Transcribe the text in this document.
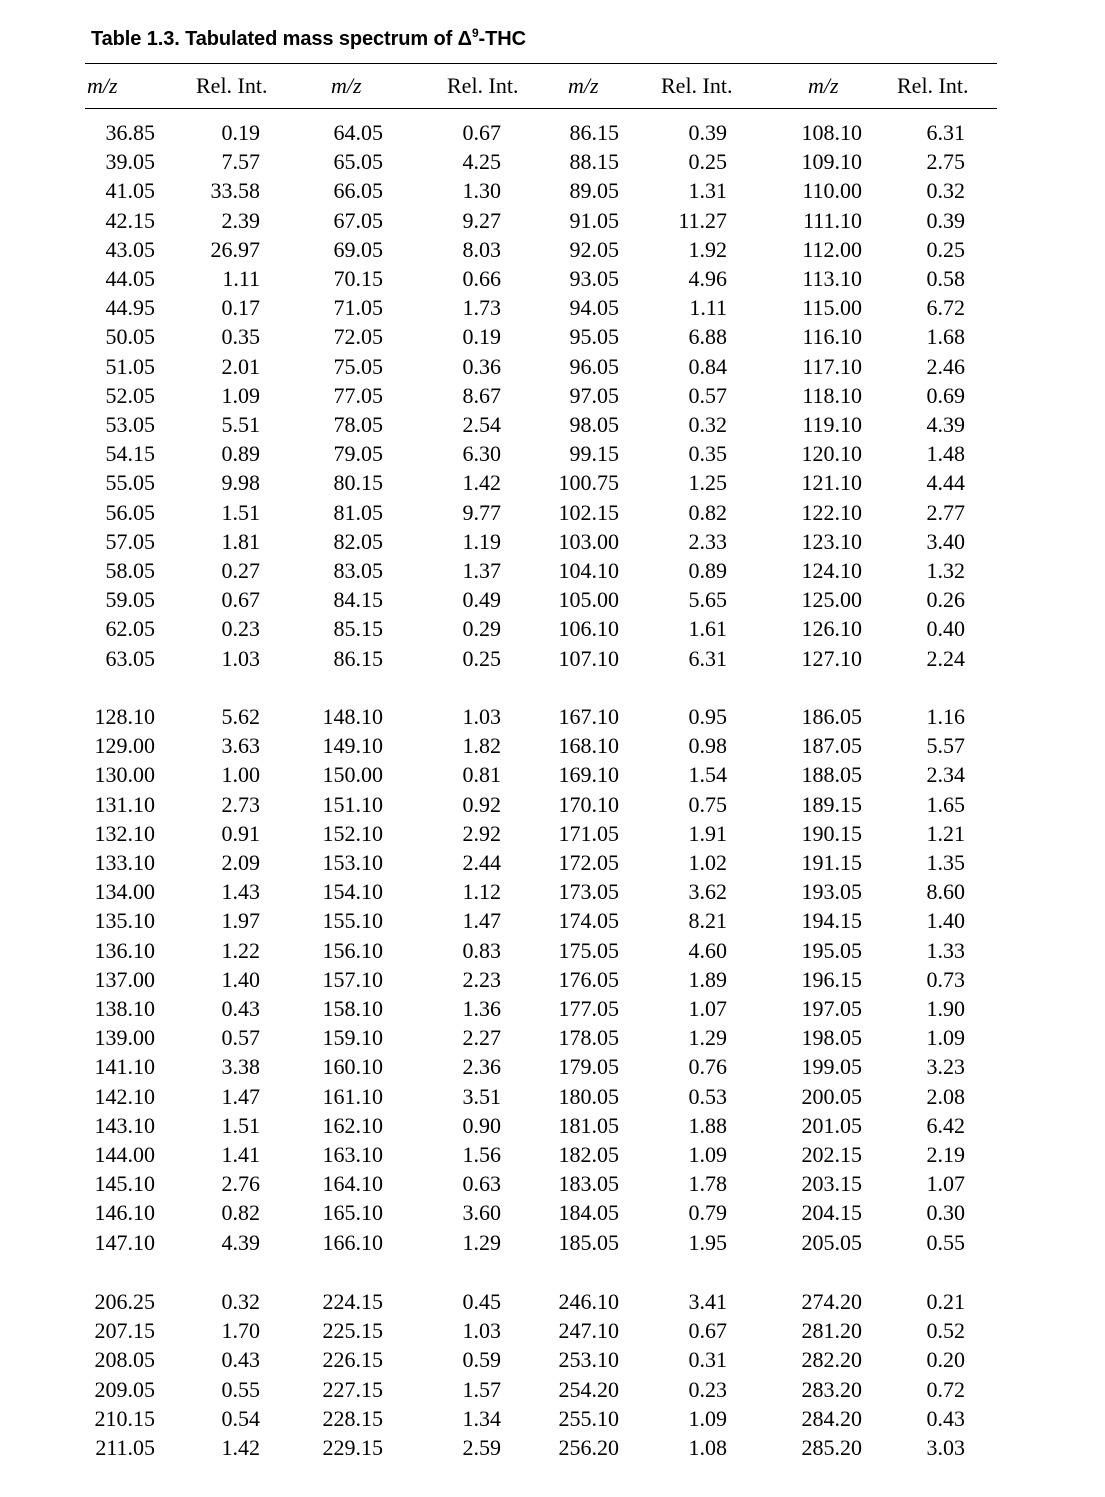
Table 1.3. Tabulated mass spectrum of $\Delta^9$-THC
m/z	Rel. Int.	m/z	Rel. Int. m/z	Rel. Int.	m/z	Rel. Int.
36.85	0.19	64.05	0.67	86.15	0.39	108.10	6.31
39.05	7.57	65.05	4.25	88.15	0.25	109.10	2.75
41.05	33.58	66.05	1.30	89.05	1.31	110.00	0.32
42.15	2.39	67.05	9.27	91.05	11.27	111.10	0.39
43.05	26.97	69.05	8.03	92.05	1.92	112.00	0.25
44.05	1.11	70.15	0.66	93.05	4.96	113.10	0.58
44.95	0.17	71.05	1.73	94.05	1.11	115.00	6.72
50.05	0.35	72.05	0.19	95.05	6.88	116.10	1.68
51.05	2.01	75.05	0.36	96.05	0.84	117.10	2.46
52.05	1.09	77.05	8.67	97.05	0.57	118.10	0.69
53.05	5.51	78.05	2.54	98.05	0.32	119.10	4.39
54.15	0.89	79.05	6.30	99.15	0.35	120.10	1.48
55.05	9.98	80.15	1.42	100.75	1.25	121.10	4.44
56.05	1.51	81.05	9.77	102.15	0.82	122.10	2.77
57.05	1.81	82.05	1.19	103.00	2.33	123.10	3.40
58.05	0.27	83.05	1.37	104.10	0.89	124.10	1.32
59.05	0.67	84.15	0.49	105.00	5.65	125.00	0.26
62.05	0.23	85.15	0.29	106.10	1.61	126.10	0.40
63.05	1.03	86.15	0.25	107.10	6.31	127.10	2.24
128.10	5.62	148.10	1.03	167.10	0.95	186.05	1.16
129.00	3.63	149.10	1.82	168.10	0.98	187.05	5.57
130.00	1.00	150.00	0.81	169.10	1.54	188.05	2.34
131.10	2.73	151.10	0.92	170.10	0.75	189.15	1.65
132.10	0.91	152.10	2.92	171.05	1.91	190.15	1.21
133.10	2.09	153.10	2.44	172.05	1.02	191.15	1.35
134.00	1.43	154.10	1.12	173.05	3.62	193.05	8.60
135.10	1.97	155.10	1.47	174.05	8.21	194.15	1.40
136.10	1.22	156.10	0.83	175.05	4.60	195.05	1.33
137.00	1.40	157.10	2.23	176.05	1.89	196.15	0.73
138.10	0.43	158.10	1.36	177.05	1.07	197.05	1.90
139.00	0.57	159.10	2.27	178.05	1.29	198.05	1.09
141.10	3.38	160.10	2.36	179.05	0.76	199.05	3.23
142.10	1.47	161.10	3.51	180.05	0.53	200.05	2.08
143.10	1.51	162.10	0.90	181.05	1.88	201.05	6.42
144.00	1.41	163.10	1.56	182.05	1.09	202.15	2.19
145.10	2.76	164.10	0.63	183.05	1.78	203.15	1.07
146.10	0.82	165.10	3.60	184.05	0.79	204.15	0.30
147.10	4.39	166.10	1.29	185.05	1.95	205.05	0.55
206.25	0.32	224.15	0.45	246.10	3.41	274.20	0.21
207.15	1.70	225.15	1.03	247.10	0.67	281.20	0.52
208.05	0.43	226.15	0.59	253.10	0.31	282.20	0.20
209.05	0.55	227.15	1.57	254.20	0.23	283.20	0.72
210.15	0.54	228.15	1.34	255.10	1.09	284.20	0.43
211.05	1.42	229.15	2.59	256.20	1.08	285.20	3.03
